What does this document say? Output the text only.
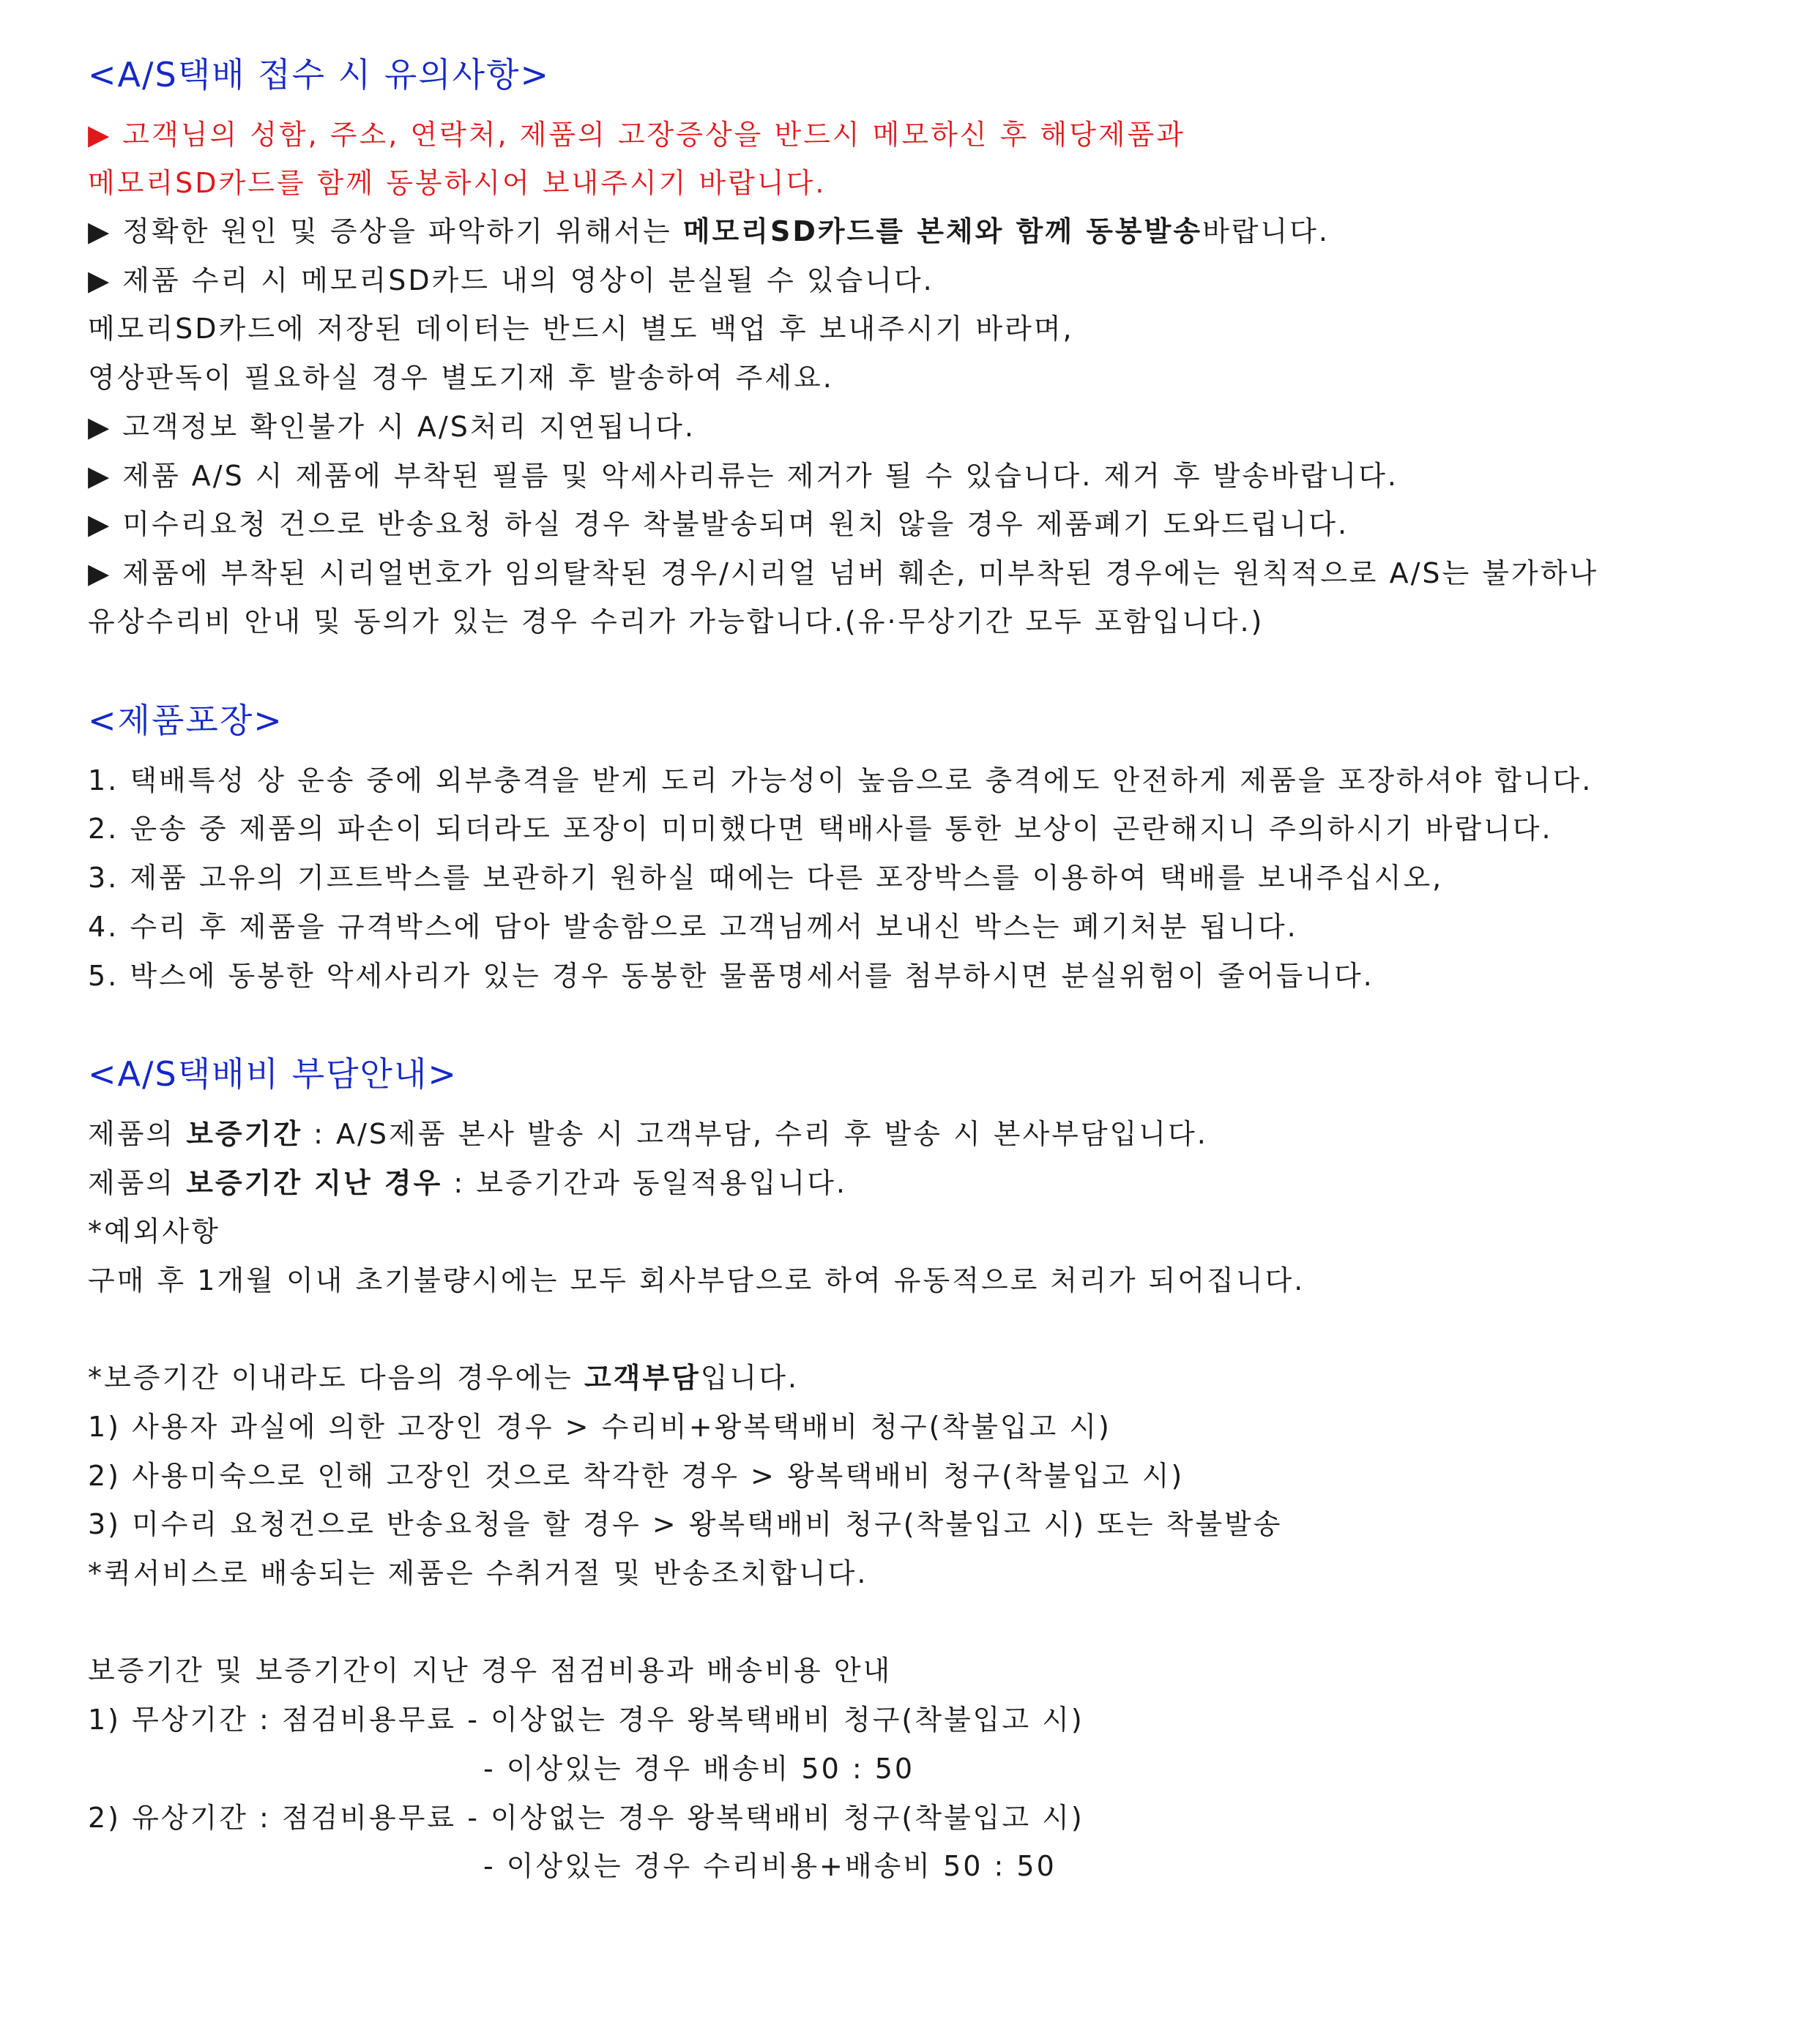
<A/S택배 접수 시 유의사항>
▶ 고객님의 성함, 주소, 연락처, 제품의 고장증상을 반드시 메모하신 후 해당제품과
메모리SD카드를 함께 동봉하시어 보내주시기 바랍니다.
▶ 정확한 원인 및 증상을 파악하기 위해서는 메모리SD카드를 본체와 함께 동봉발송바랍니다.
▶ 제품 수리 시 메모리SD카드 내의 영상이 분실될 수 있습니다.
메모리SD카드에 저장된 데이터는 반드시 별도 백업 후 보내주시기 바라며,
영상판독이 필요하실 경우 별도기재 후 발송하여 주세요.
▶ 고객정보 확인불가 시 A/S처리 지연됩니다.
▶ 제품 A/S 시 제품에 부착된 필름 및 악세사리류는 제거가 될 수 있습니다. 제거 후 발송바랍니다.
▶ 미수리요청 건으로 반송요청 하실 경우 착불발송되며 원치 않을 경우 제품폐기 도와드립니다.
▶ 제품에 부착된 시리얼번호가 임의탈착된 경우/시리얼 넘버 훼손, 미부착된 경우에는 원칙적으로 A/S는 불가하나
유상수리비 안내 및 동의가 있는 경우 수리가 가능합니다.(유·무상기간 모두 포함입니다.)
<제품포장>
1. 택배특성 상 운송 중에 외부충격을 받게 도리 가능성이 높음으로 충격에도 안전하게 제품을 포장하셔야 합니다.
2. 운송 중 제품의 파손이 되더라도 포장이 미미했다면 택배사를 통한 보상이 곤란해지니 주의하시기 바랍니다.
3. 제품 고유의 기프트박스를 보관하기 원하실 때에는 다른 포장박스를 이용하여 택배를 보내주십시오,
4. 수리 후 제품을 규격박스에 담아 발송함으로 고객님께서 보내신 박스는 폐기처분 됩니다.
5. 박스에 동봉한 악세사리가 있는 경우 동봉한 물품명세서를 첨부하시면 분실위험이 줄어듭니다.
<A/S택배비 부담안내>
제품의 보증기간 : A/S제품 본사 발송 시 고객부담, 수리 후 발송 시 본사부담입니다.
제품의 보증기간 지난 경우 : 보증기간과 동일적용입니다.
*예외사항
구매 후 1개월 이내 초기불량시에는 모두 회사부담으로 하여 유동적으로 처리가 되어집니다.
*보증기간 이내라도 다음의 경우에는 고객부담입니다.
1) 사용자 과실에 의한 고장인 경우 > 수리비+왕복택배비 청구(착불입고 시)
2) 사용미숙으로 인해 고장인 것으로 착각한 경우 > 왕복택배비 청구(착불입고 시)
3) 미수리 요청건으로 반송요청을 할 경우 > 왕복택배비 청구(착불입고 시) 또는 착불발송
*퀵서비스로 배송되는 제품은 수취거절 및 반송조치합니다.
보증기간 및 보증기간이 지난 경우 점검비용과 배송비용 안내
1) 무상기간 : 점검비용무료 - 이상없는 경우 왕복택배비 청구(착불입고 시)
- 이상있는 경우 배송비 50 : 50
2) 유상기간 : 점검비용무료 - 이상없는 경우 왕복택배비 청구(착불입고 시)
- 이상있는 경우 수리비용+배송비 50 : 50
